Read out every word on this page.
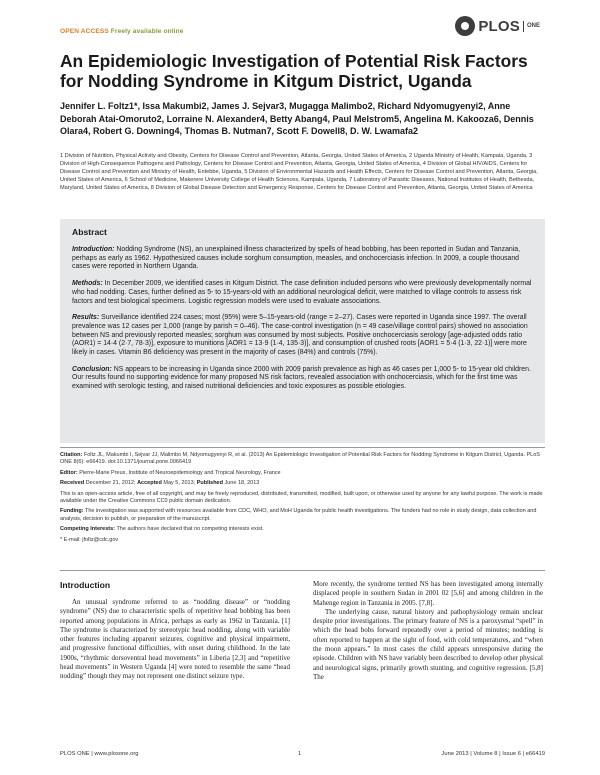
OPEN ACCESS Freely available online	PLOS ONE
An Epidemiologic Investigation of Potential Risk Factors for Nodding Syndrome in Kitgum District, Uganda
Jennifer L. Foltz1*, Issa Makumbi2, James J. Sejvar3, Mugagga Malimbo2, Richard Ndyomugyenyi2, Anne Deborah Atai-Omoruto2, Lorraine N. Alexander4, Betty Abang4, Paul Melstrom5, Angelina M. Kakooza6, Dennis Olara4, Robert G. Downing4, Thomas B. Nutman7, Scott F. Dowell8, D. W. Lwamafa2
1 Division of Nutrition, Physical Activity and Obesity, Centers for Disease Control and Prevention, Atlanta, Georgia, United States of America, 2 Uganda Ministry of Health, Kampala, Uganda, 3 Division of High-Consequence Pathogens and Pathology, Centers for Disease Control and Prevention, Atlanta, Georgia, United States of America, 4 Division of Global HIV/AIDS, Centers for Disease Control and Prevention and Ministry of Health, Entebbe, Uganda, 5 Division of Environmental Hazards and Health Effects, Centers for Disease Control and Prevention, Atlanta, Georgia, United States of America, 6 School of Medicine, Makerere University College of Health Sciences, Kampala, Uganda, 7 Laboratory of Parasitic Diseases, National Institutes of Health, Bethesda, Maryland, United States of America, 8 Division of Global Disease Detection and Emergency Response, Centers for Disease Control and Prevention, Atlanta, Georgia, United States of America
Abstract

Introduction: Nodding Syndrome (NS), an unexplained illness characterized by spells of head bobbing, has been reported in Sudan and Tanzania, perhaps as early as 1962. Hypothesized causes include sorghum consumption, measles, and onchocerciasis infection. In 2009, a couple thousand cases were reported in Northern Uganda.

Methods: In December 2009, we identified cases in Kitgum District. The case definition included persons who were previously developmentally normal who had nodding. Cases, further defined as 5- to 15-years-old with an additional neurological deficit, were matched to village controls to assess risk factors and test biological specimens. Logistic regression models were used to evaluate associations.

Results: Surveillance identified 224 cases; most (95%) were 5–15-years-old (range = 2–27). Cases were reported in Uganda since 1997. The overall prevalence was 12 cases per 1,000 (range by parish = 0–46). The case-control investigation (n = 49 case/village control pairs) showed no association between NS and previously reported measles; sorghum was consumed by most subjects. Positive onchocerciasis serology [age-adjusted odds ratio (AOR1) = 14·4 (2·7, 78·3)], exposure to munitions [AOR1 = 13·9 (1·4, 135·3)], and consumption of crushed roots [AOR1 = 5·4 (1·3, 22·1)] were more likely in cases. Vitamin B6 deficiency was present in the majority of cases (84%) and controls (75%).

Conclusion: NS appears to be increasing in Uganda since 2000 with 2009 parish prevalence as high as 46 cases per 1,000 5- to 15-year old children. Our results found no supporting evidence for many proposed NS risk factors, revealed association with onchocerciasis, which for the first time was examined with serologic testing, and raised nutritional deficiencies and toxic exposures as possible etiologies.

Citation: Foltz JL, Makumbi I, Sejvar JJ, Malimbo M, Ndyomugyenyi R, et al. (2013) An Epidemiologic Investigation of Potential Risk Factors for Nodding Syndrome in Kitgum District, Uganda. PLoS ONE 8(6): e66419. doi:10.1371/journal.pone.0066419

Editor: Pierre-Marie Preux, Institute of Neuroepidemiology and Tropical Neurology, France

Received December 21, 2012; Accepted May 5, 2013; Published June 18, 2013

This is an open-access article, free of all copyright, and may be freely reproduced, distributed, transmitted, modified, built upon, or otherwise used by anyone for any lawful purpose. The work is made available under the Creative Commons CC0 public domain dedication.

Funding: The investigation was supported with resources available from CDC, WHO, and MoH Uganda for public health investigations. The funders had no role in study design, data collection and analysis, decision to publish, or preparation of the manuscript.

Competing Interests: The authors have declared that no competing interests exist.

* E-mail: jfoltz@cdc.gov

Introduction

An unusual syndrome referred to as “nodding disease” or “nodding syndrome” (NS) due to characteristic spells of repetitive head bobbing has been reported among populations in Africa, perhaps as early as 1962 in Tanzania. [1] The syndrome is characterized by stereotypic head nodding, along with variable other features including apparent seizures, cognitive and physical impairment, and progressive functional difficulties, with onset during childhood. In the late 1900s, “rhythmic dorsoventral head movements” in Liberia [2,3] and “repetitive head movements” in Western Uganda [4] were noted to resemble the same “head nodding” though they may not represent one distinct seizure type.

More recently, the syndrome termed NS has been investigated among internally displaced people in southern Sudan in 2001 02 [5,6] and among children in the Mahenge region in Tanzania in 2005. [7,8].

The underlying cause, natural history and pathophysiology remain unclear despite prior investigations. The primary feature of NS is a paroxysmal “spell” in which the head bobs forward repeatedly over a period of minutes; nodding is often reported to happen at the sight of food, with cold temperatures, and “when the moon appears.” In most cases the child appears unresponsive during the episode. Children with NS have variably been described to develop other physical and neurological signs, primarily growth stunting, and cognitive regression. [5,8] The

PLOS ONE | www.plosone.org	1	June 2013 | Volume 8 | Issue 6 | e66419
